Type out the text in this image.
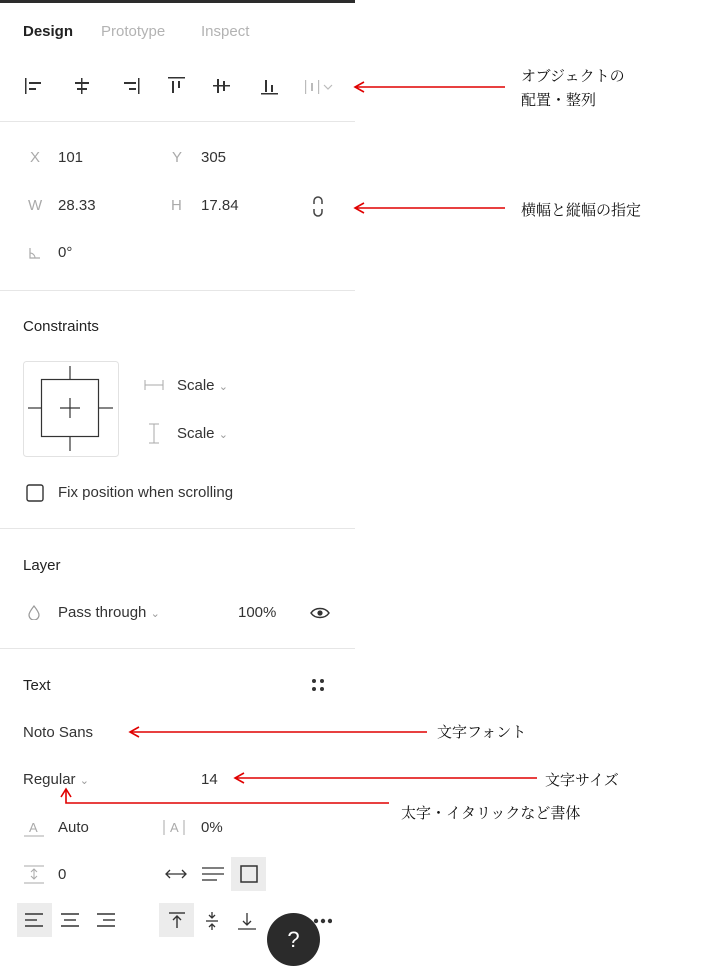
Design Prototype Inspect
X 101	Y 305
W 28.33	H 17.84
0°
Constraints
Scale ⌄
Scale ⌄
Fix position when scrolling
Layer
Pass through ⌄	100%
Text
Noto Sans
Regular ⌄	14
A Auto	A 0%
0
?
オブジェクトの
配置・整列
横幅と縦幅の指定
文字フォント
文字サイズ
太字・イタリックなど書体
